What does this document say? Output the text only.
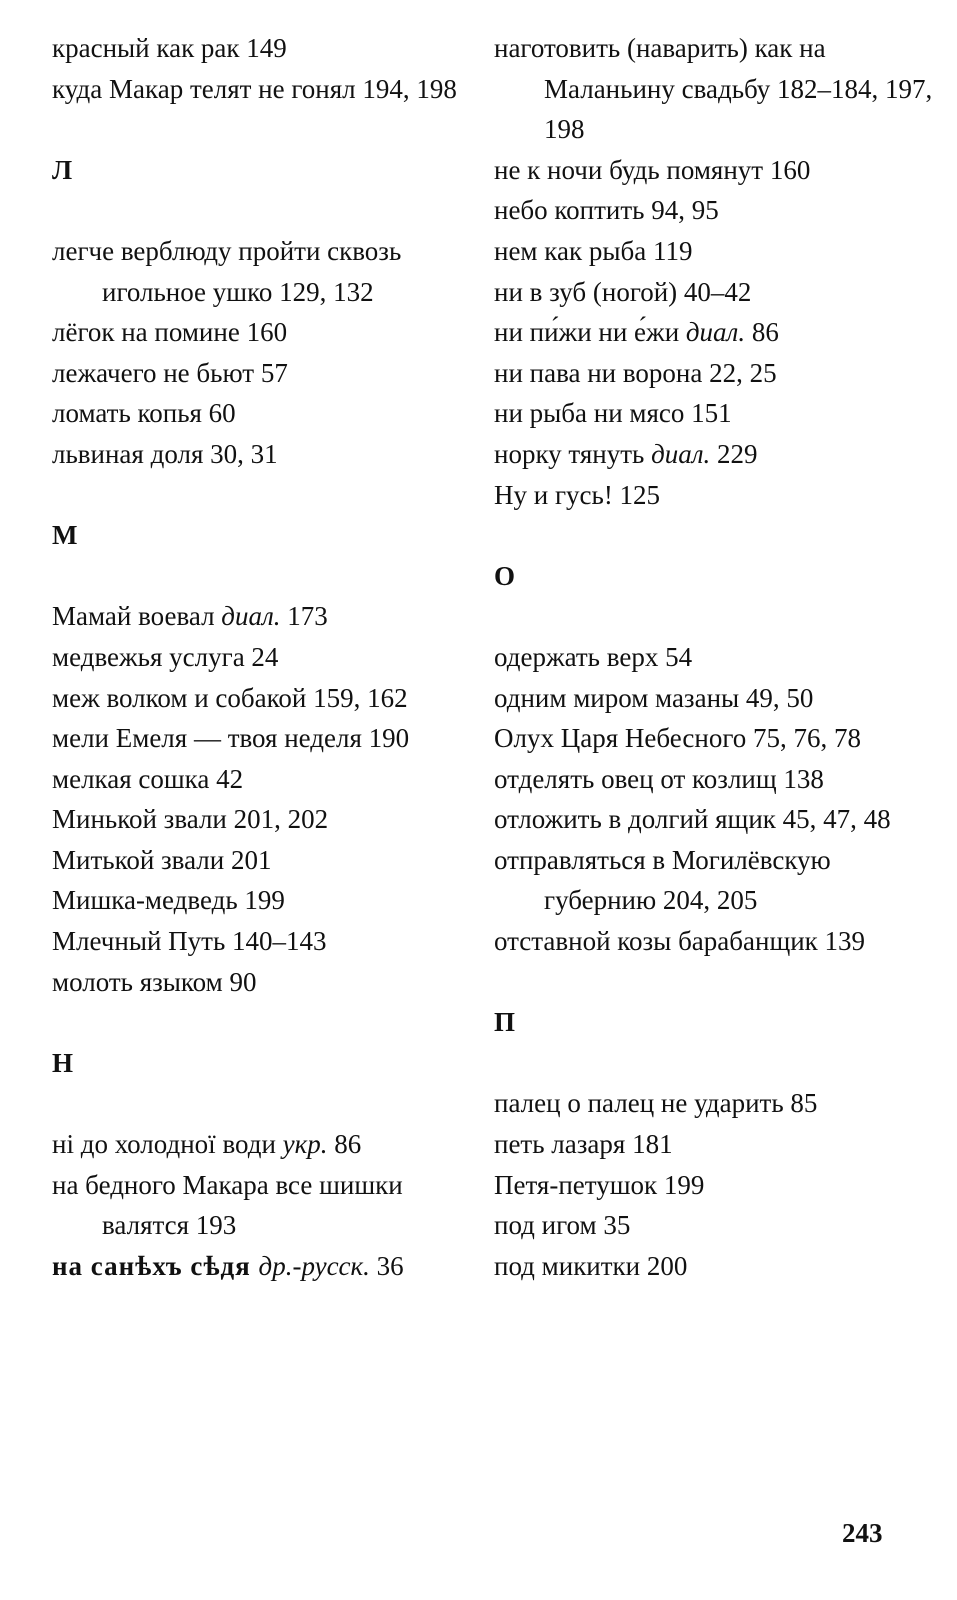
красный как рак 149
куда Макар телят не гонял 194, 198
Л
легче верблюду пройти сквозь игольное ушко 129, 132
лёгок на помине 160
лежачего не бьют 57
ломать копья 60
львиная доля 30, 31
М
Мамай воевал диал. 173
медвежья услуга 24
меж волком и собакой 159, 162
мели Емеля — твоя неделя 190
мелкая сошка 42
Минькой звали 201, 202
Митькой звали 201
Мишка-медведь 199
Млечный Путь 140–143
молоть языком 90
Н
ні до холодної води укр. 86
на бедного Макара все шишки валятся 193
на санѣхъ сѣдя др.-русск. 36
наготовить (наварить) как на Маланьину свадьбу 182–184, 197, 198
не к ночи будь помянут 160
небо коптить 94, 95
нем как рыба 119
ни в зуб (ногой) 40–42
ни пи́жи ни е́жи диал. 86
ни пава ни ворона 22, 25
ни рыба ни мясо 151
норку тянуть диал. 229
Ну и гусь! 125
О
одержать верх 54
одним миром мазаны 49, 50
Олух Царя Небесного 75, 76, 78
отделять овец от козлищ 138
отложить в долгий ящик 45, 47, 48
отправляться в Могилёвскую губернию 204, 205
отставной козы барабанщик 139
П
палец о палец не ударить 85
петь лазаря 181
Петя-петушок 199
под игом 35
под микитки 200
243
